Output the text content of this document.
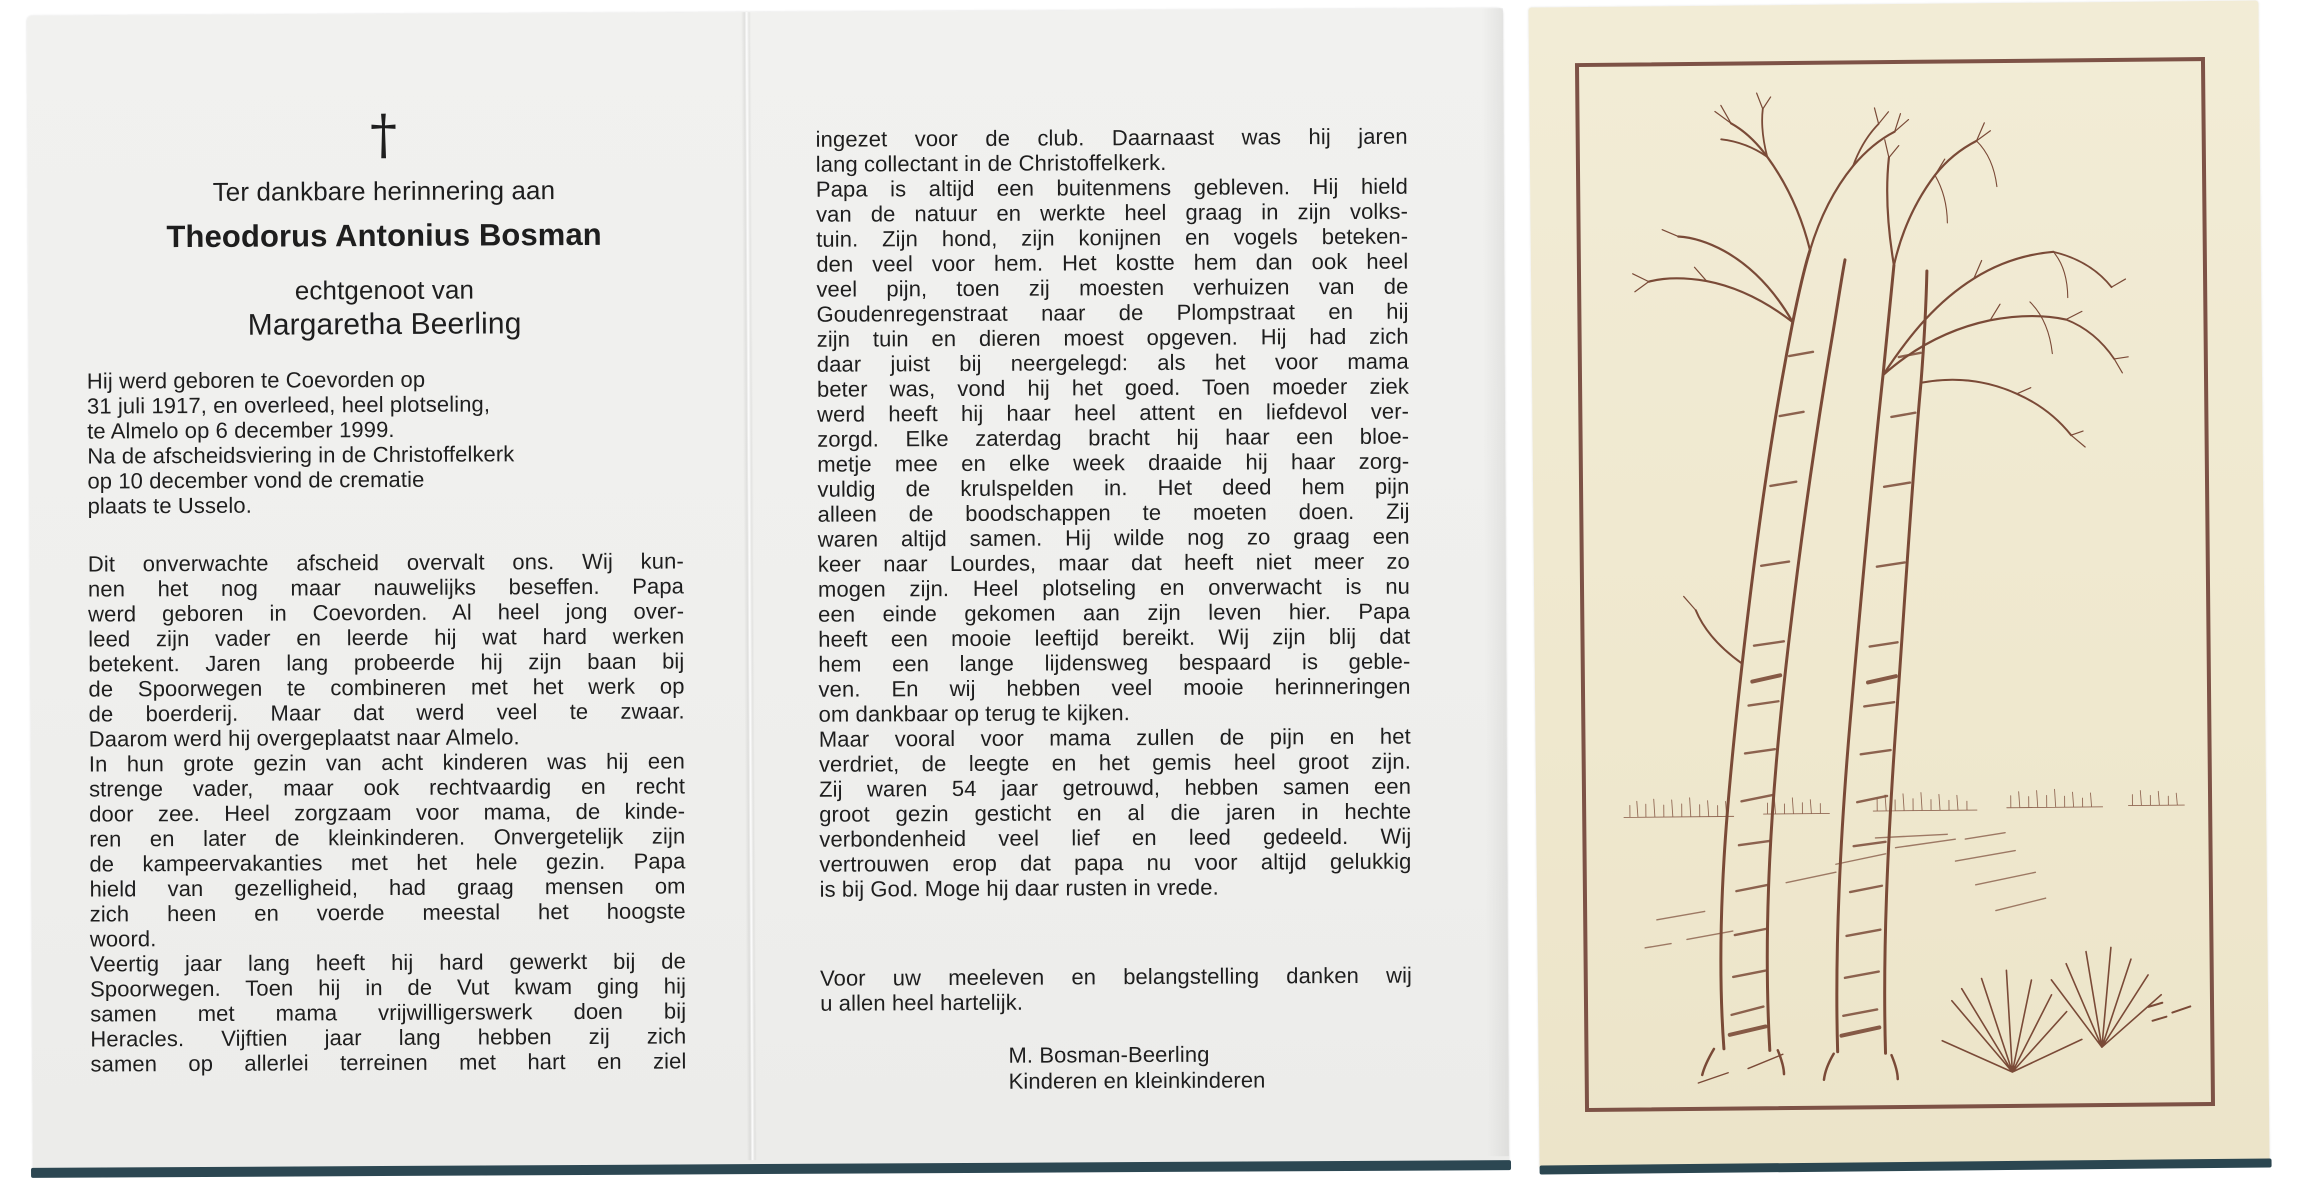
†
Ter dankbare herinnering aan
Theodorus Antonius Bosman
echtgenoot van
Margaretha Beerling
Hij werd geboren te Coevorden op
31 juli 1917, en overleed, heel plotseling,
te Almelo op 6 december 1999.
Na de afscheidsviering in de Christoffelkerk
op 10 december vond de crematie
plaats te Usselo.
Dit onverwachte afscheid overvalt ons. Wij kun-
nen het nog maar nauwelijks beseffen. Papa
werd geboren in Coevorden. Al heel jong over-
leed zijn vader en leerde hij wat hard werken
betekent. Jaren lang probeerde hij zijn baan bij
de Spoorwegen te combineren met het werk op
de boerderij. Maar dat werd veel te zwaar.
Daarom werd hij overgeplaatst naar Almelo.
In hun grote gezin van acht kinderen was hij een
strenge vader, maar ook rechtvaardig en recht
door zee. Heel zorgzaam voor mama, de kinde-
ren en later de kleinkinderen. Onvergetelijk zijn
de kampeervakanties met het hele gezin. Papa
hield van gezelligheid, had graag mensen om
zich heen en voerde meestal het hoogste
woord.
Veertig jaar lang heeft hij hard gewerkt bij de
Spoorwegen. Toen hij in de Vut kwam ging hij
samen met mama vrijwilligerswerk doen bij
Heracles. Vijftien jaar lang hebben zij zich
samen op allerlei terreinen met hart en ziel
ingezet voor de club. Daarnaast was hij jaren
lang collectant in de Christoffelkerk.
Papa is altijd een buitenmens gebleven. Hij hield
van de natuur en werkte heel graag in zijn volks-
tuin. Zijn hond, zijn konijnen en vogels beteken-
den veel voor hem. Het kostte hem dan ook heel
veel pijn, toen zij moesten verhuizen van de
Goudenregenstraat naar de Plompstraat en hij
zijn tuin en dieren moest opgeven. Hij had zich
daar juist bij neergelegd: als het voor mama
beter was, vond hij het goed. Toen moeder ziek
werd heeft hij haar heel attent en liefdevol ver-
zorgd. Elke zaterdag bracht hij haar een bloe-
metje mee en elke week draaide hij haar zorg-
vuldig de krulspelden in. Het deed hem pijn
alleen de boodschappen te moeten doen. Zij
waren altijd samen. Hij wilde nog zo graag een
keer naar Lourdes, maar dat heeft niet meer zo
mogen zijn. Heel plotseling en onverwacht is nu
een einde gekomen aan zijn leven hier. Papa
heeft een mooie leeftijd bereikt. Wij zijn blij dat
hem een lange lijdensweg bespaard is geble-
ven. En wij hebben veel mooie herinneringen
om dankbaar op terug te kijken.
Maar vooral voor mama zullen de pijn en het
verdriet, de leegte en het gemis heel groot zijn.
Zij waren 54 jaar getrouwd, hebben samen een
groot gezin gesticht en al die jaren in hechte
verbondenheid veel lief en leed gedeeld. Wij
vertrouwen erop dat papa nu voor altijd gelukkig
is bij God. Moge hij daar rusten in vrede.
Voor uw meeleven en belangstelling danken wij
u allen heel hartelijk.
M. Bosman-Beerling
Kinderen en kleinkinderen
